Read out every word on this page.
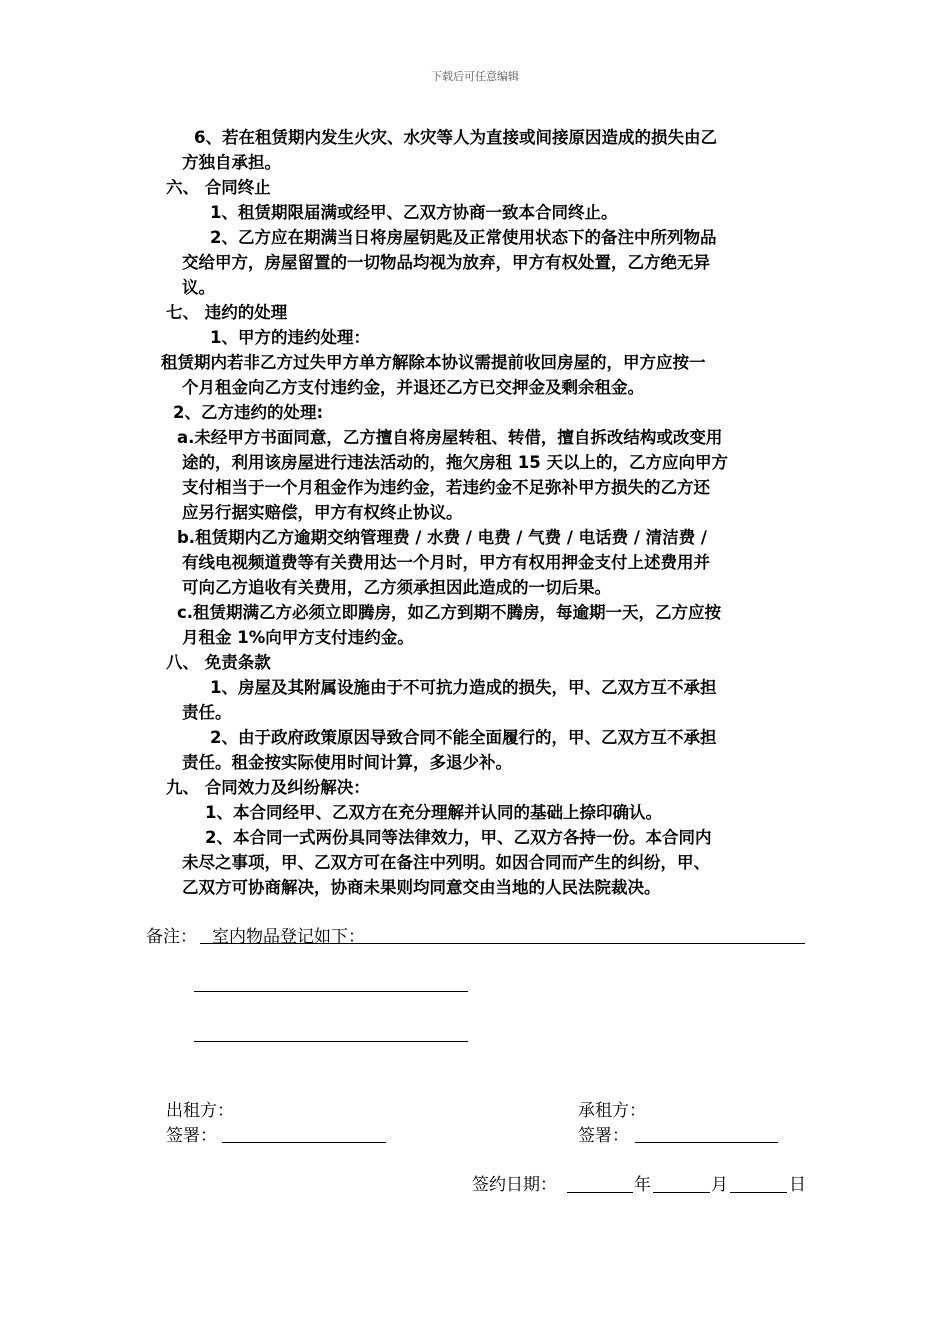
下载后可任意编辑
6、若在租赁期内发生火灾、水灾等人为直接或间接原因造成的损失由乙
方独自承担。
六、 合同终止
1、租赁期限届满或经甲、乙双方协商一致本合同终止。
2、乙方应在期满当日将房屋钥匙及正常使用状态下的备注中所列物品
交给甲方，房屋留置的一切物品均视为放弃，甲方有权处置，乙方绝无异
议。
七、 违约的处理
1、甲方的违约处理：
租赁期内若非乙方过失甲方单方解除本协议需提前收回房屋的，甲方应按一
个月租金向乙方支付违约金，并退还乙方已交押金及剩余租金。
2、乙方违约的处理:
a.未经甲方书面同意，乙方擅自将房屋转租、转借，擅自拆改结构或改变用
途的，利用该房屋进行违法活动的，拖欠房租 15 天以上的，乙方应向甲方
支付相当于一个月租金作为违约金，若违约金不足弥补甲方损失的乙方还
应另行据实赔偿，甲方有权终止协议。
b.租赁期内乙方逾期交纳管理费 / 水费 / 电费 / 气费 / 电话费 / 清洁费 /
有线电视频道费等有关费用达一个月时，甲方有权用押金支付上述费用并
可向乙方追收有关费用，乙方须承担因此造成的一切后果。
c.租赁期满乙方必须立即腾房，如乙方到期不腾房，每逾期一天，乙方应按
月租金 1%向甲方支付违约金。
八、 免责条款
1、房屋及其附属设施由于不可抗力造成的损失，甲、乙双方互不承担
责任。
2、由于政府政策原因导致合同不能全面履行的，甲、乙双方互不承担
责任。租金按实际使用时间计算，多退少补。
九、 合同效力及纠纷解决：
1、本合同经甲、乙双方在充分理解并认同的基础上捺印确认。
2、本合同一式两份具同等法律效力，甲、乙双方各持一份。本合同内
未尽之事项，甲、乙双方可在备注中列明。如因合同而产生的纠纷，甲、
乙双方可协商解决，协商未果则均同意交由当地的人民法院裁决。
备注： 室内物品登记如下：
出租方：
签署：
承租方：
签署：
签约日期：	年	月	日
